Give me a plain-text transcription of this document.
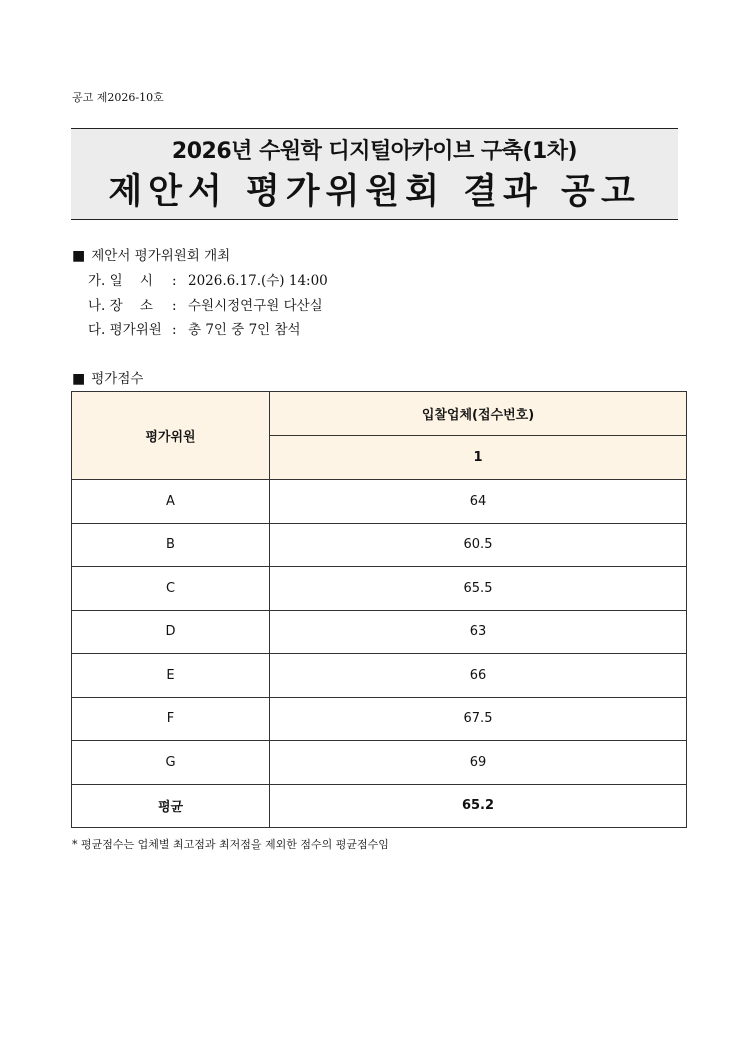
공고 제2026-10호
2026년 수원학 디지털아카이브 구축(1차)
제안서 평가위원회 결과 공고
■ 제안서 평가위원회 개최
가. 일    시 : 2026.6.17.(수) 14:00
나. 장    소 : 수원시정연구원 다산실
다. 평가위원 : 총 7인 중 7인 참석
■ 평가점수
평가위원	입찰업체(접수번호)
	1
A	64
B	60.5
C	65.5
D	63
E	66
F	67.5
G	69
평균	65.2
* 평균점수는 업체별 최고점과 최저점을 제외한 점수의 평균점수임
